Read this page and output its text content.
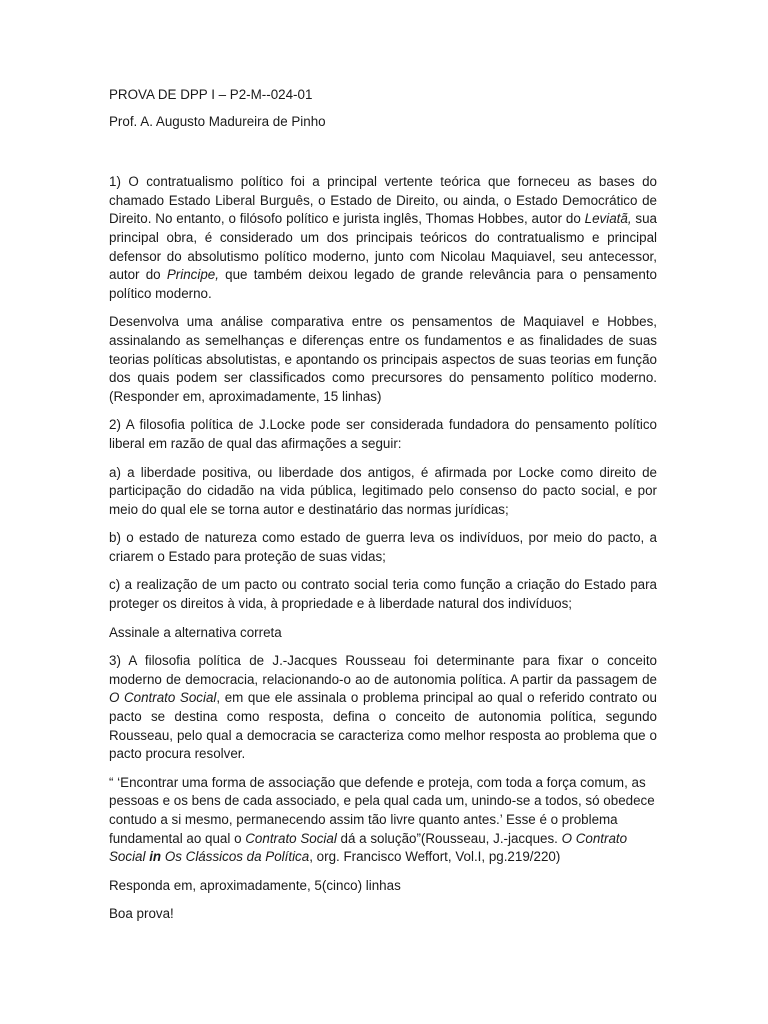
PROVA DE DPP I – P2-M--024-01

Prof. A. Augusto Madureira de Pinho

1) O contratualismo político foi a principal vertente teórica que forneceu as bases do chamado Estado Liberal Burguês, o Estado de Direito, ou ainda, o Estado Democrático de Direito. No entanto, o filósofo político e jurista inglês, Thomas Hobbes, autor do Leviatã, sua principal obra, é considerado um dos principais teóricos do contratualismo e principal defensor do absolutismo político moderno, junto com Nicolau Maquiavel, seu antecessor, autor do Principe, que também deixou legado de grande relevância para o pensamento político moderno.

Desenvolva uma análise comparativa entre os pensamentos de Maquiavel e Hobbes, assinalando as semelhanças e diferenças entre os fundamentos e as finalidades de suas teorias políticas absolutistas, e apontando os principais aspectos de suas teorias em função dos quais podem ser classificados como precursores do pensamento político moderno. (Responder em, aproximadamente, 15 linhas)

2) A filosofia política de J.Locke pode ser considerada fundadora do pensamento político liberal em razão de qual das afirmações a seguir:

a) a liberdade positiva, ou liberdade dos antigos, é afirmada por Locke como direito de participação do cidadão na vida pública, legitimado pelo consenso do pacto social, e por meio do qual ele se torna autor e destinatário das normas jurídicas;

b) o estado de natureza como estado de guerra leva os indivíduos, por meio do pacto, a criarem o Estado para proteção de suas vidas;

c) a realização de um pacto ou contrato social teria como função a criação do Estado para proteger os direitos à vida, à propriedade e à liberdade natural dos indivíduos;

Assinale a alternativa correta

3) A filosofia política de J.-Jacques Rousseau foi determinante para fixar o conceito moderno de democracia, relacionando-o ao de autonomia política. A partir da passagem de O Contrato Social, em que ele assinala o problema principal ao qual o referido contrato ou pacto se destina como resposta, defina o conceito de autonomia política, segundo Rousseau, pelo qual a democracia se caracteriza como melhor resposta ao problema que o pacto procura resolver.

“ ‘Encontrar uma forma de associação que defende e proteja, com toda a força comum, as pessoas e os bens de cada associado, e pela qual cada um, unindo-se a todos, só obedece contudo a si mesmo, permanecendo assim tão livre quanto antes.’ Esse é o problema fundamental ao qual o Contrato Social dá a solução”(Rousseau, J.-jacques. O Contrato Social in Os Clássicos da Política, org. Francisco Weffort, Vol.I, pg.219/220)

Responda em, aproximadamente, 5(cinco) linhas

Boa prova!
